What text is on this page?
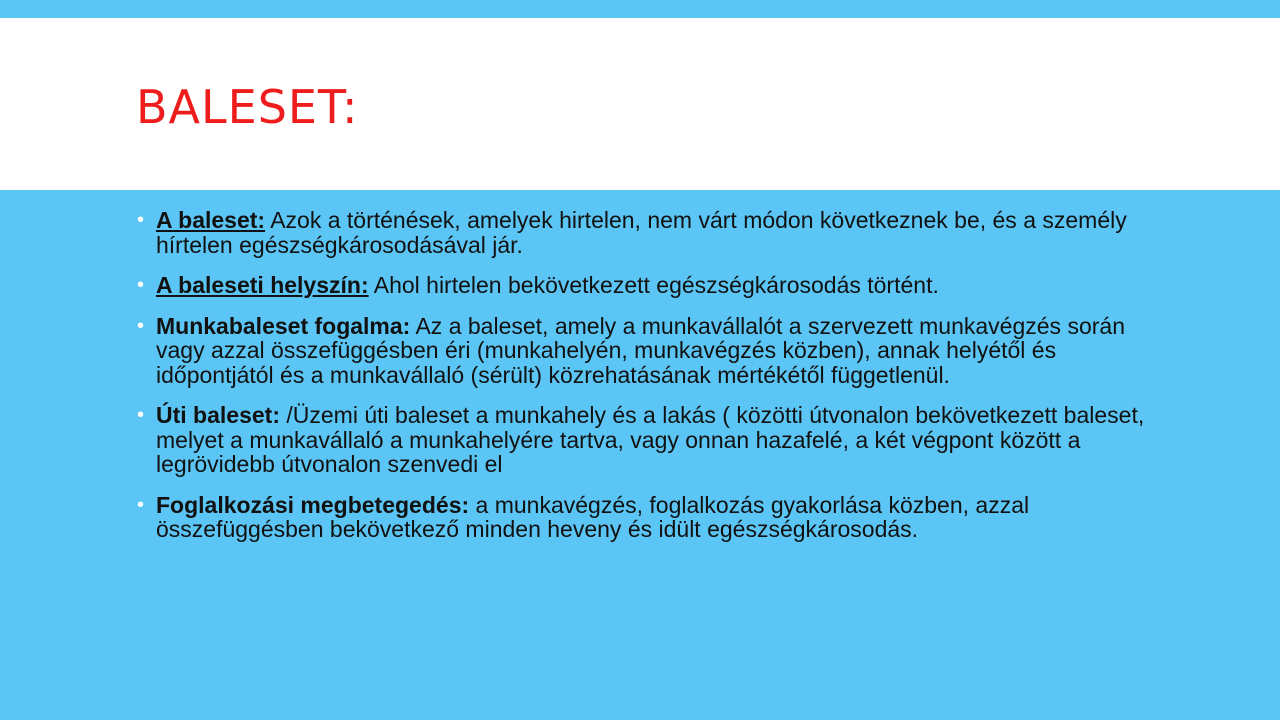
BALESET:
• A baleset: Azok a történések, amelyek hirtelen, nem várt módon következnek be, és a személy hírtelen egészségkárosodásával jár.
• A baleseti helyszín: Ahol hirtelen bekövetkezett egészségkárosodás történt.
• Munkabaleset fogalma: Az a baleset, amely a munkavállalót a szervezett munkavégzés során vagy azzal összefüggésben éri (munkahelyén, munkavégzés közben), annak helyétől és időpontjától és a munkavállaló (sérült) közrehatásának mértékétől függetlenül.
• Úti baleset: /Üzemi úti baleset a munkahely és a lakás ( közötti útvonalon bekövetkezett baleset, melyet a munkavállaló a munkahelyére tartva, vagy onnan hazafelé, a két végpont között a legrövidebb útvonalon szenvedi el
• Foglalkozási megbetegedés: a munkavégzés, foglalkozás gyakorlása közben, azzal összefüggésben bekövetkező minden heveny és idült egészségkárosodás.
